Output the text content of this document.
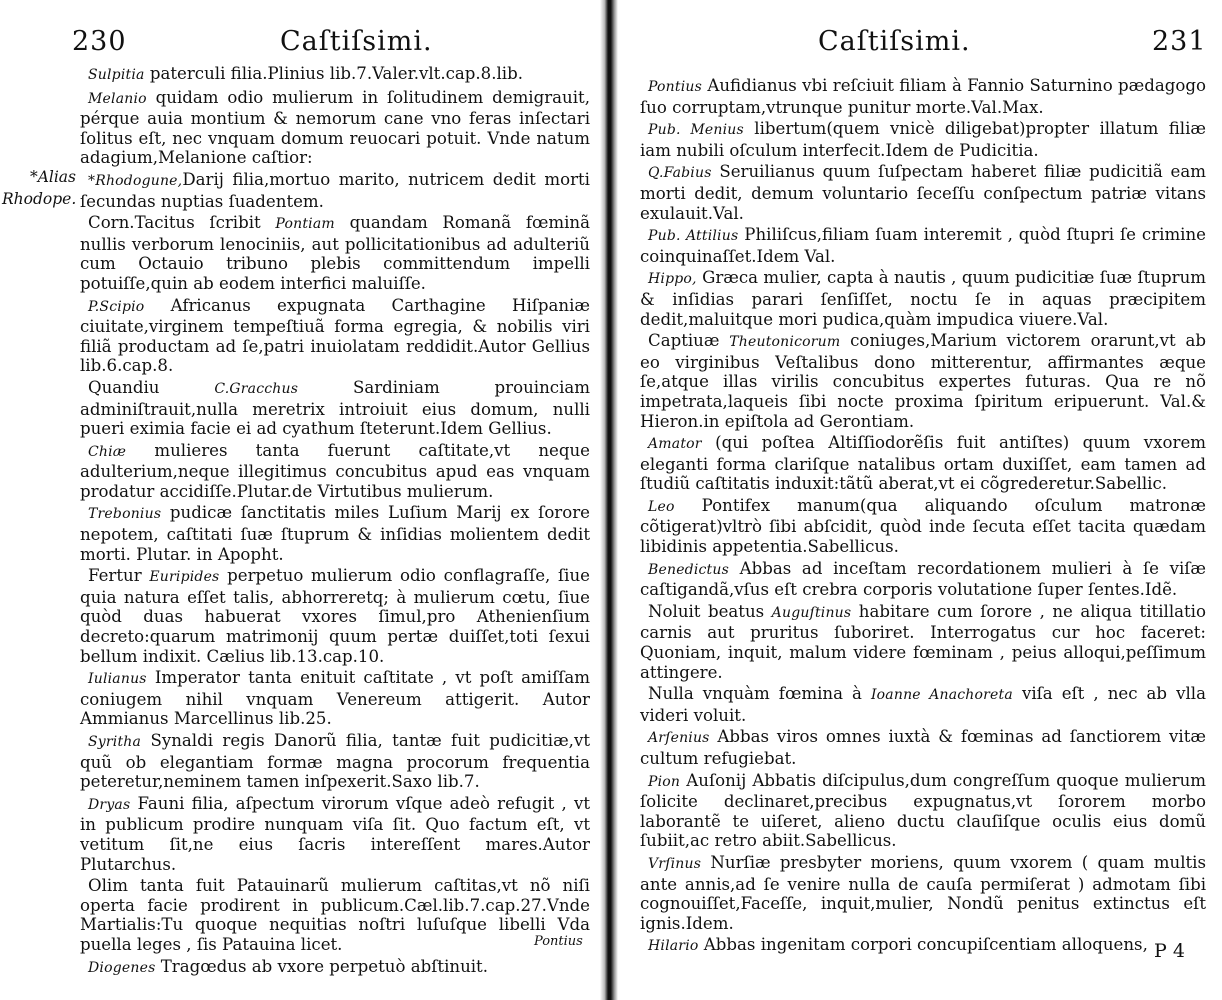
230	Caſtiſsimi.
*Alias Rhodope.

Sulpitia paterculi filia.Plinius lib.7.Valer.vlt.cap.8.lib.

Melanio quidam odio mulierum in ſolitudinem demigrauit, pérque auia montium & nemorum cane vno feras inſectari ſolitus eſt, nec vnquam domum reuocari potuit. Vnde natum adagium,Melanione caſtior:

*Rhodogune,Darij filia,mortuo marito, nutricem dedit morti ſecundas nuptias ſuadentem.

Corn.Tacitus ſcribit Pontiam quandam Romanã fœminã nullis verborum lenociniis, aut pollicitationibus ad adulteriũ cum Octauio tribuno plebis committendum impelli potuiſſe,quin ab eodem interfici maluiſſe.

P.Scipio Africanus expugnata Carthagine Hiſpaniæ ciuitate,virginem tempeſtiuã forma egregia, & nobilis viri filiã productam ad ſe,patri inuiolatam reddidit.Autor Gellius lib.6.cap.8.

Quandiu C.Gracchus Sardiniam prouinciam adminiſtrauit,nulla meretrix introiuit eius domum, nulli pueri eximia facie ei ad cyathum ſteterunt.Idem Gellius.

Chiæ mulieres tanta fuerunt caſtitate,vt neque adulterium,neque illegitimus concubitus apud eas vnquam prodatur accidiſſe.Plutar.de Virtutibus mulierum.

Trebonius pudicæ ſanctitatis miles Luſium Marij ex ſorore nepotem, caſtitati ſuæ ſtuprum & inſidias molientem dedit morti. Plutar. in Apopht.

Fertur Euripides perpetuo mulierum odio conflagraſſe, ſiue quia natura eſſet talis, abhorreretq; à mulierum cœtu, ſiue quòd duas habuerat vxores ſimul,pro Athenienſium decreto:quarum matrimonij quum pertæ duiſſet,toti ſexui bellum indixit. Cælius lib.13.cap.10.

Iulianus Imperator tanta enituit caſtitate , vt poſt amiſſam coniugem nihil vnquam Venereum attigerit. Autor Ammianus Marcellinus lib.25.

Syritha Synaldi regis Danorũ filia, tantæ fuit pudicitiæ,vt quũ ob elegantiam formæ magna procorum frequentia peteretur,neminem tamen inſpexerit.Saxo lib.7.

Dryas Fauni filia, aſpectum virorum vſque adeò refugit , vt in publicum prodire nunquam viſa ſit. Quo factum eſt, vt vetitum ſit,ne eius ſacris intereſſent mares.Autor Plutarchus.

Olim tanta fuit Patauinarũ mulierum caſtitas,vt nõ niſi operta facie prodirent in publicum.Cæl.lib.7.cap.27.Vnde Martialis:Tu quoque nequitias noſtri luſuſque libelli Vda puella leges , ſis Patauina licet.

Diogenes Tragœdus ab vxore perpetuò abſtinuit.

Pontius
Caſtiſsimi.	231

Pontius Aufidianus vbi reſciuit filiam à Fannio Saturnino pædagogo ſuo corruptam,vtrunque punitur morte.Val.Max.

Pub. Menius libertum(quem vnicè diligebat)propter illatum filiæ iam nubili oſculum interfecit.Idem de Pudicitia.

Q.Fabius Seruilianus quum ſuſpectam haberet filiæ pudicitiã eam morti dedit, demum voluntario ſeceſſu conſpectum patriæ vitans exulauit.Val.

Pub. Attilius Philiſcus,filiam ſuam interemit , quòd ſtupri ſe crimine coinquinaſſet.Idem Val.

Hippo, Græca mulier, capta à nautis , quum pudicitiæ ſuæ ſtuprum & inſidias parari ſenſiſſet, noctu ſe in aquas præcipitem dedit,maluitque mori pudica,quàm impudica viuere.Val.

Captiuæ Theutonicorum coniuges,Marium victorem orarunt,vt ab eo virginibus Veſtalibus dono mitterentur, affirmantes æque ſe,atque illas virilis concubitus expertes futuras. Qua re nõ impetrata,laqueis ſibi nocte proxima ſpiritum eripuerunt. Val.& Hieron.in epiſtola ad Gerontiam.

Amator (qui poſtea Altiſſiodorẽſis fuit antiſtes) quum vxorem eleganti forma clariſque natalibus ortam duxiſſet, eam tamen ad ſtudiũ caſtitatis induxit:tãtũ aberat,vt ei cõgrederetur.Sabellic.

Leo Pontifex manum(qua aliquando oſculum matronæ cõtigerat)vltrò ſibi abſcidit, quòd inde ſecuta eſſet tacita quædam libidinis appetentia.Sabellicus.

Benedictus Abbas ad inceſtam recordationem mulieri à ſe viſæ caſtigandã,vſus eſt crebra corporis volutatione ſuper ſentes.Idẽ.

Noluit beatus Auguſtinus habitare cum ſorore , ne aliqua titillatio carnis aut pruritus ſuboriret. Interrogatus cur hoc faceret: Quoniam, inquit, malum videre fœminam , peius alloqui,peſſimum attingere.

Nulla vnquàm fœmina à Ioanne Anachoreta viſa eſt , nec ab vlla videri voluit.

Arſenius Abbas viros omnes iuxtà & fœminas ad ſanctiorem vitæ cultum refugiebat.

Pion Auſonij Abbatis diſcipulus,dum congreſſum quoque mulierum ſolicite declinaret,precibus expugnatus,vt ſororem morbo laborantẽ te uiſeret, alieno ductu clauſiſque oculis eius domũ ſubiit,ac retro abiit.Sabellicus.

Vrſinus Nurſiæ presbyter moriens, quum vxorem ( quam multis ante annis,ad ſe venire nulla de cauſa permiſerat ) admotam ſibi cognouiſſet,Faceſſe, inquit,mulier, Nondũ penitus extinctus eſt ignis.Idem.

Hilario Abbas ingenitam corpori concupiſcentiam alloquens, P 4
